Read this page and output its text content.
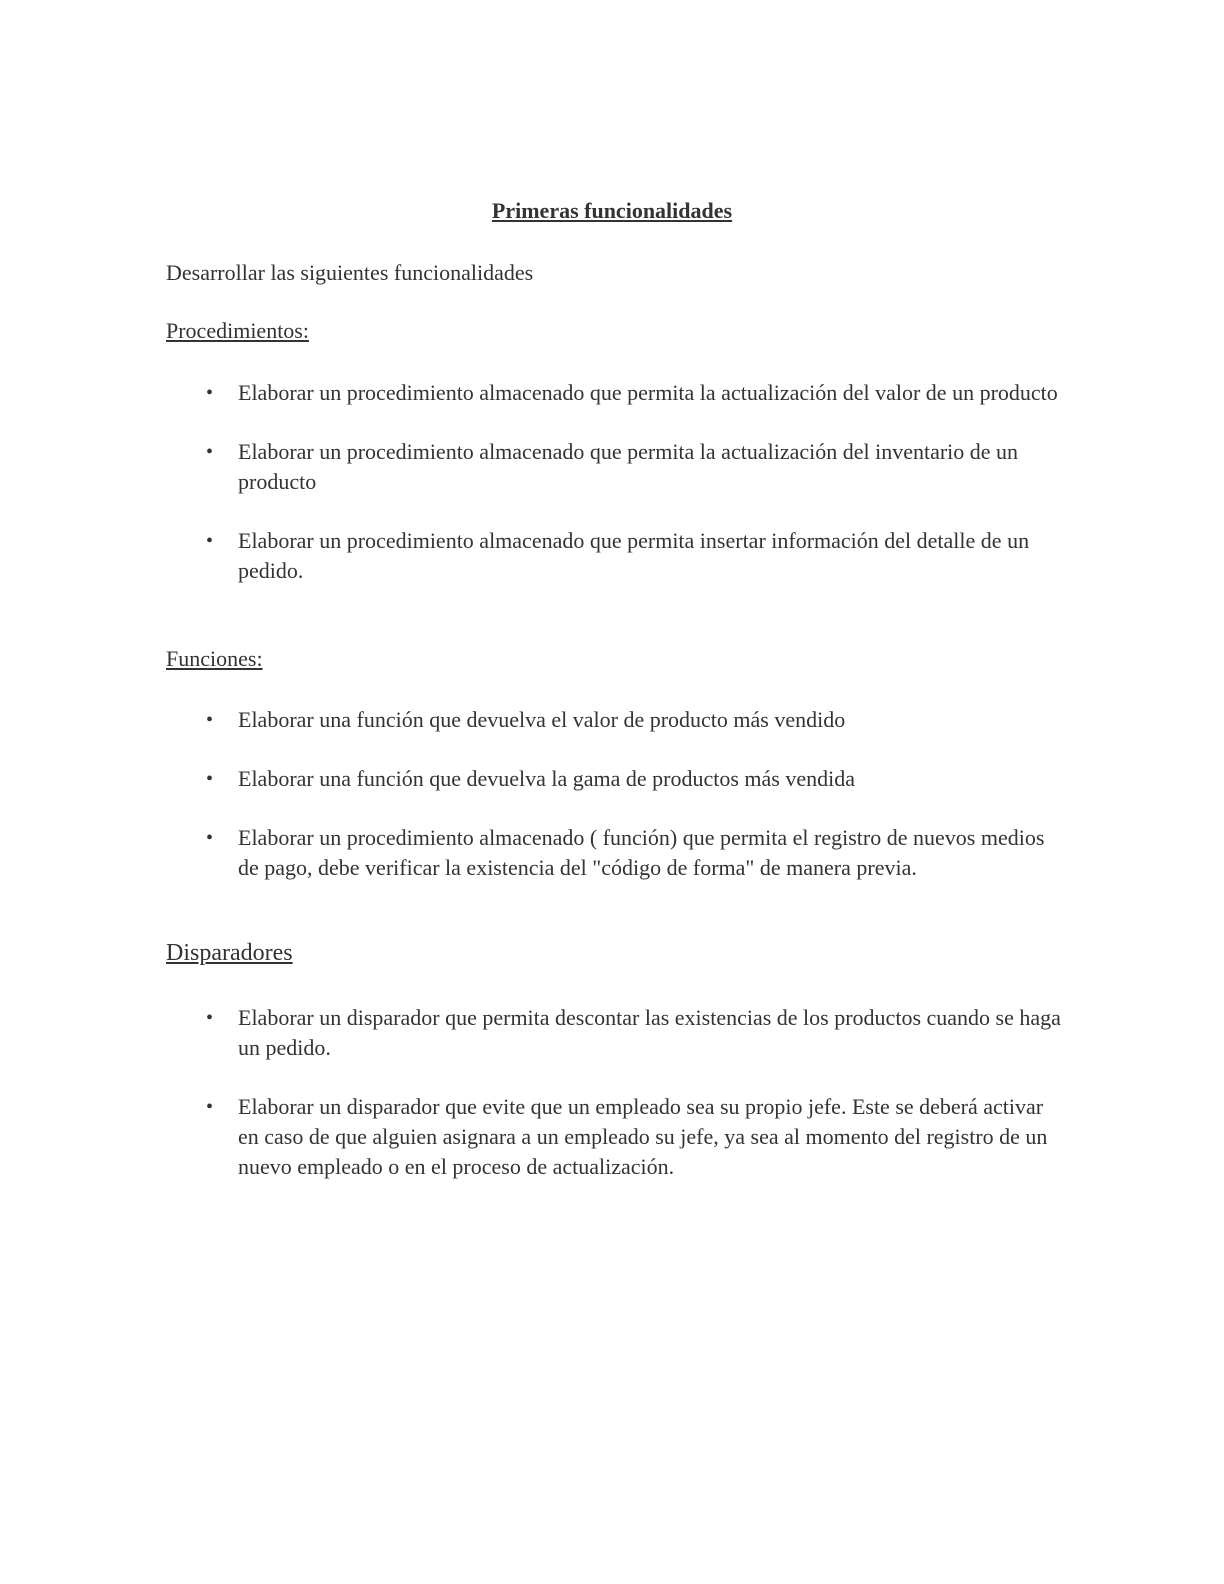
Primeras funcionalidades

Desarrollar las siguientes funcionalidades

Procedimientos:
• Elaborar un procedimiento almacenado que permita la actualización del valor de un producto
• Elaborar un procedimiento almacenado que permita la actualización del inventario de un producto
• Elaborar un procedimiento almacenado que permita insertar información del detalle de un pedido.
Funciones:
• Elaborar una función que devuelva el valor de producto más vendido
• Elaborar una función que devuelva la gama de productos más vendida
• Elaborar un procedimiento almacenado ( función) que permita el registro de nuevos medios de pago, debe verificar la existencia del "código de forma" de manera previa.
Disparadores
• Elaborar un disparador que permita descontar las existencias de los productos cuando se haga un pedido.
• Elaborar un disparador que evite que un empleado sea su propio jefe. Este se deberá activar en caso de que alguien asignara a un empleado su jefe, ya sea al momento del registro de un nuevo empleado o en el proceso de actualización.
